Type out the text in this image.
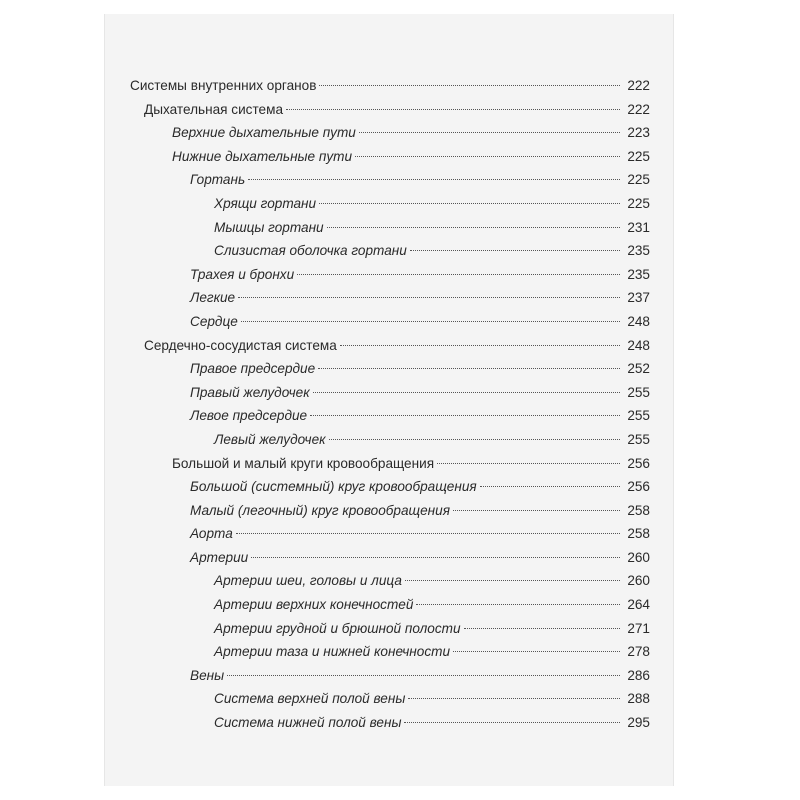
Системы внутренних органов	222
Дыхательная система	222
Верхние дыхательные пути	223
Нижние дыхательные пути	225
Гортань	225
Хрящи гортани	225
Мышцы гортани	231
Слизистая оболочка гортани	235
Трахея и бронхи	235
Легкие	237
Сердце	248
Сердечно-сосудистая система	248
Правое предсердие	252
Правый желудочек	255
Левое предсердие	255
Левый желудочек	255
Большой и малый круги кровообращения	256
Большой (системный) круг кровообращения	256
Малый (легочный) круг кровообращения	258
Аорта	258
Артерии	260
Артерии шеи, головы и лица	260
Артерии верхних конечностей	264
Артерии грудной и брюшной полости	271
Артерии таза и нижней конечности	278
Вены	286
Система верхней полой вены	288
Система нижней полой вены	295
